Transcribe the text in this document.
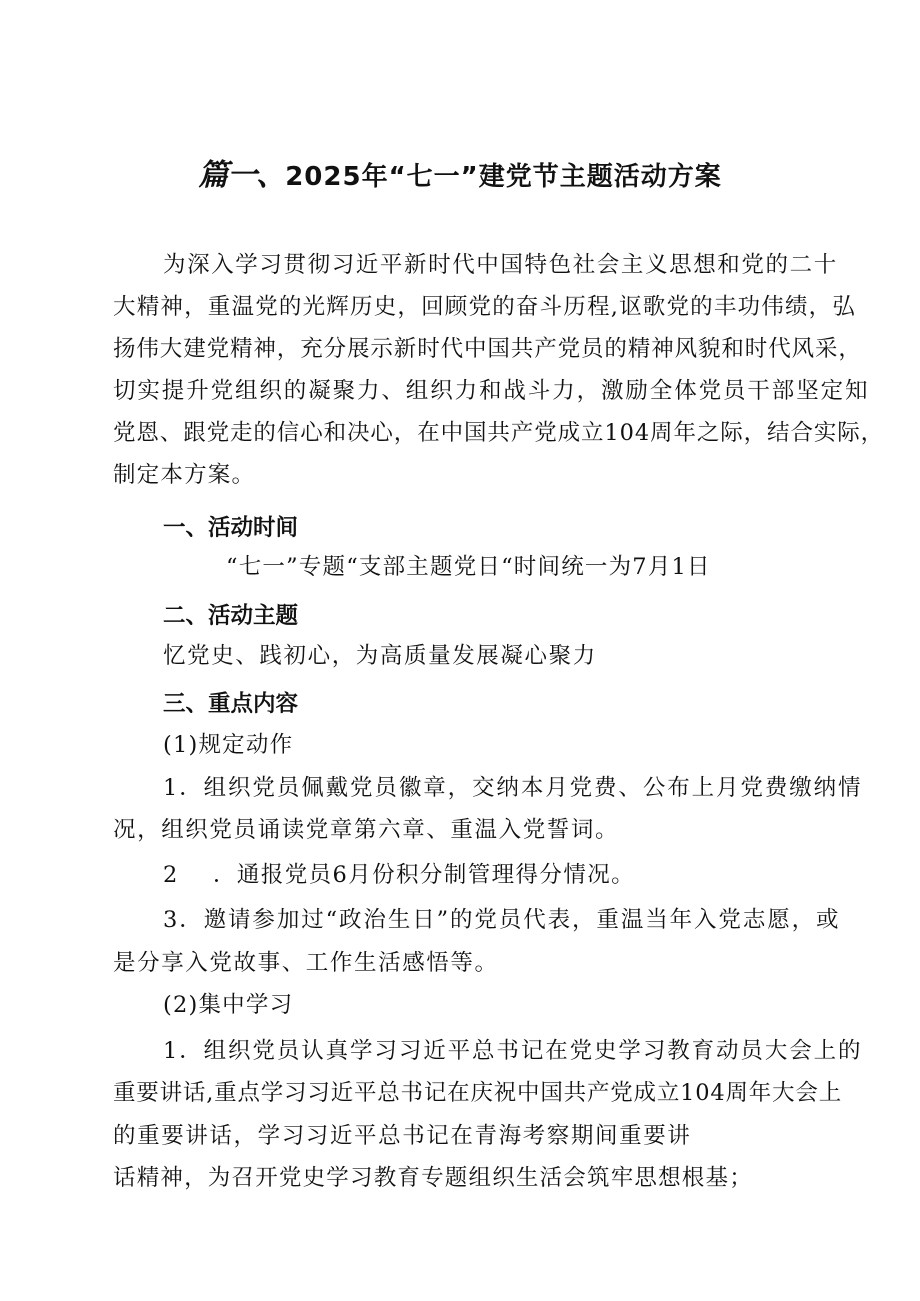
篇一、2025年“七一”建党节主题活动方案
为深入学习贯彻习近平新时代中国特色社会主义思想和党的二十
大精神，重温党的光辉历史，回顾党的奋斗历程,讴歌党的丰功伟绩，弘
扬伟大建党精神，充分展示新时代中国共产党员的精神风貌和时代风采，
切实提升党组织的凝聚力、组织力和战斗力，激励全体党员干部坚定知
党恩、跟党走的信心和决心，在中国共产党成立104周年之际，结合实际，
制定本方案。
一、活动时间
“七一”专题“支部主题党日“时间统一为7月1日
二、活动主题
忆党史、践初心，为高质量发展凝心聚力
三、重点内容
(1)规定动作
1．组织党员佩戴党员徽章，交纳本月党费、公布上月党费缴纳情
况，组织党员诵读党章第六章、重温入党誓词。
2 ．通报党员6月份积分制管理得分情况。
3．邀请参加过“政治生日”的党员代表，重温当年入党志愿，或
是分享入党故事、工作生活感悟等。
(2)集中学习
1．组织党员认真学习习近平总书记在党史学习教育动员大会上的
重要讲话,重点学习习近平总书记在庆祝中国共产党成立104周年大会上
的重要讲话，学习习近平总书记在青海考察期间重要讲
话精神，为召开党史学习教育专题组织生活会筑牢思想根基；
